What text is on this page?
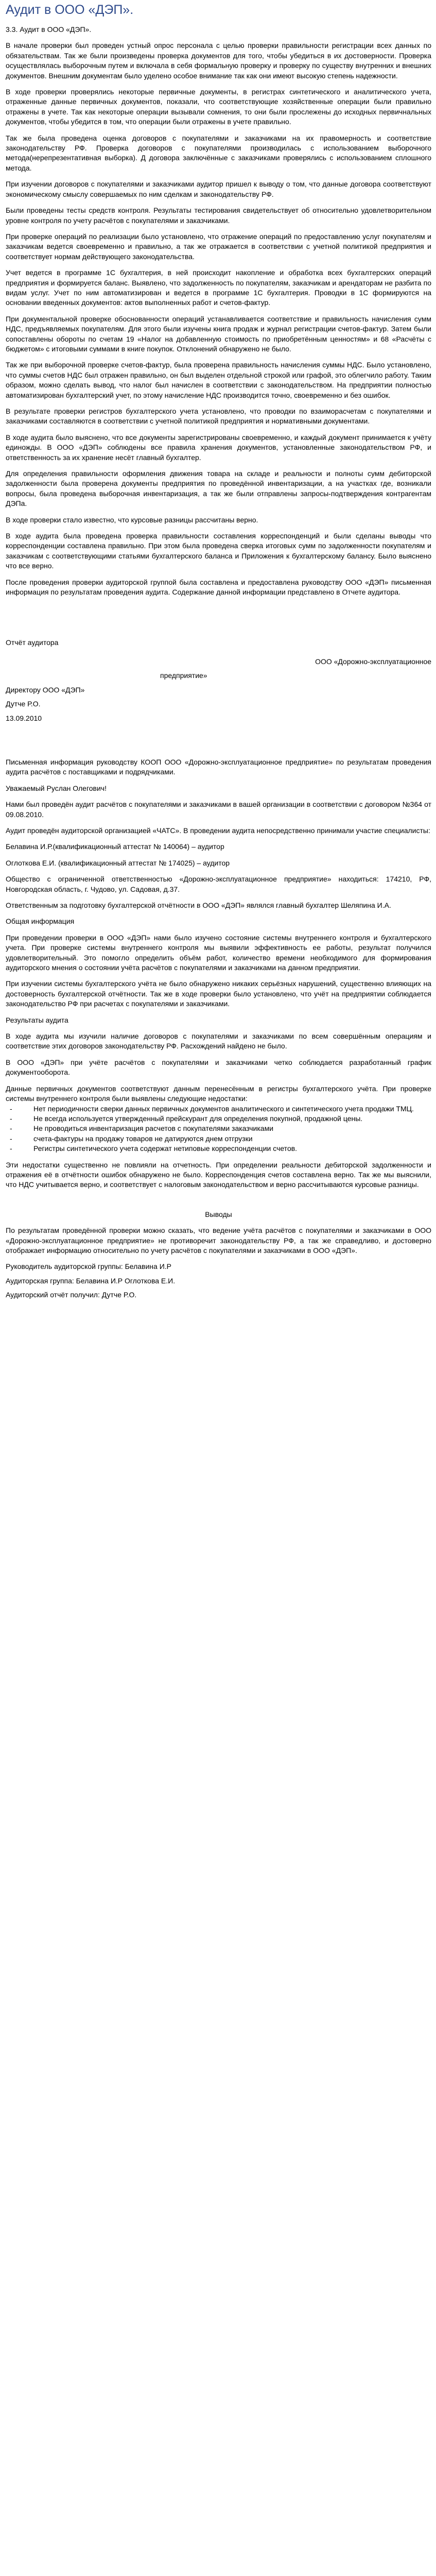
Аудит в ООО «ДЭП».

3.3. Аудит в ООО «ДЭП».

В начале проверки был проведен устный опрос персонала с целью проверки правильности регистрации всех данных по обязательствам. Так же были произведены проверка документов для того, чтобы убедиться в их достоверности. Проверка осуществлялась выборочным путем и включала в себя формальную проверку и проверку по существу внутренних и внешних документов. Внешним документам было уделено особое внимание так как они имеют высокую степень надежности.

В ходе проверки проверялись некоторые первичные документы, в регистрах синтетического и аналитического учета, отраженные данные первичных документов, показали, что соответствующие хозяйственные операции были правильно отражены в учете. Так как некоторые операции вызывали сомнения, то они были прослежены до исходных первичнальных документов, чтобы убедится в том, что операции были отражены в учете правильно.

Так же была проведена оценка договоров с покупателями и заказчиками на их правомерность и соответствие законодательству РФ. Проверка договоров с покупателями производилась с использованием выборочного метода(нерепрезентативная выборка). Д договора заключённые с заказчиками проверялись с использованием сплошного метода.

При изучении договоров с покупателями и заказчиками аудитор пришел к выводу о том, что данные договора соответствуют экономическому смыслу совершаемых по ним сделкам и законодательству РФ.

Были проведены тесты средств контроля. Результаты тестирования свидетельствует об относительно удовлетворительном уровне контроля по учету расчётов с покупателями и заказчиками.

При проверке операций по реализации было установлено, что отражение операций по предоставлению услуг покупателям и заказчикам ведется своевременно и правильно, а так же отражается в соответствии с учетной политикой предприятия и соответствует нормам действующего законодательства.

Учет ведется в программе 1С бухгалтерия, в ней происходит накопление и обработка всех бухгалтерских операций предприятия и формируется баланс. Выявлено, что задолженность по покупателям, заказчикам и арендаторам не разбита по видам услуг. Учет по ним автоматизирован и ведется в программе 1С бухгалтерия. Проводки в 1С формируются на основании введенных документов: актов выполненных работ и счетов-фактур.

При документальной проверке обоснованности операций устанавливается соответствие и правильность начисления сумм НДС, предъявляемых покупателям. Для этого были изучены книга продаж и журнал регистрации счетов-фактур. Затем были сопоставлены обороты по счетам 19 «Налог на добавленную стоимость по приобретённым ценностям» и 68 «Расчёты с бюджетом» с итоговыми суммами в книге покупок. Отклонений обнаружено не было.

Так же при выборочной проверке счетов-фактур, была проверена правильность начисления суммы НДС. Было установлено, что суммы счетов НДС был отражен правильно, он был выделен отдельной строкой или графой, это облегчило работу. Таким образом, можно сделать вывод, что налог был начислен в соответствии с законодательством. На предприятии полностью автоматизирован бухгалтерский учет, по этому начисление НДС производится точно, своевременно и без ошибок.

В результате проверки регистров бухгалтерского учета установлено, что проводки по взаиморасчетам с покупателями и заказчиками составляются в соответствии с учетной политикой предприятия и нормативными документами.

В ходе аудита было выяснено, что все документы зарегистрированы своевременно, и каждый документ принимается к учёту единожды. В ООО «ДЭП» соблюдены все правила хранения документов, установленные законодательством РФ, и ответственность за их хранение несёт главный бухгалтер.

Для определения правильности оформления движения товара на складе и реальности и полноты сумм дебиторской задолженности была проверена документы предприятия по проведённой инвентаризации, а на участках где, возникали вопросы, была проведена выборочная инвентаризация, а так же были отправлены запросы-подтверждения контрагентам ДЭПа.

В ходе проверки стало известно, что курсовые разницы рассчитаны верно.

В ходе аудита была проведена проверка правильности составления корреспонденций и были сделаны выводы что корреспонденции составлена правильно. При этом была проведена сверка итоговых сумм по задолженности покупателям и заказчикам с соответствующими статьями бухгалтерского баланса и Приложения к бухгалтерскому балансу. Было выяснено что все верно.

После проведения проверки аудиторской группой была составлена и предоставлена руководству ООО «ДЭП» письменная информация по результатам проведения аудита. Содержание данной информации представлено в Отчете аудитора.

Отчёт аудитора

ООО «Дорожно-эксплуатационное

предприятие»

Директору ООО «ДЭП»

Дутче Р.О.

13.09.2010

Письменная информация руководству КООП ООО «Дорожно-эксплуатационное предприятие» по результатам проведения аудита расчётов с поставщиками и подрядчиками.

Уважаемый Руслан Олегович!

Нами был проведён аудит расчётов с покупателями и заказчиками в вашей организации в соответствии с договором №364 от 09.08.2010.

Аудит проведён аудиторской организацией «ЧАТС». В проведении аудита непосредственно принимали участие специалисты:

Белавина И.Р.(квалификационный аттестат № 140064) – аудитор

Оглоткова Е.И. (квалификационный аттестат № 174025) – аудитор

Общество с ограниченной ответственностью «Дорожно-эксплуатационное предприятие» находиться: 174210, РФ, Новгородская область, г. Чудово, ул. Садовая, д.37.

Ответственным за подготовку бухгалтерской отчётности в ООО «ДЭП» являлся главный бухгалтер Шеляпина И.А.

Общая информация

При проведении проверки в ООО «ДЭП» нами было изучено состояние системы внутреннего контроля и бухгалтерского учета. При проверке системы внутреннего контроля мы выявили эффективность ее работы, результат получился удовлетворительный. Это помогло определить объём работ, количество времени необходимого для формирования аудиторского мнения о состоянии учёта расчётов с покупателями и заказчиками на данном предприятии.

При изучении системы бухгалтерского учёта не было обнаружено никаких серьёзных нарушений, существенно влияющих на достоверность бухгалтерской отчётности. Так же в ходе проверки было установлено, что учёт на предприятии соблюдается законодательство РФ при расчетах с покупателями и заказчиками.

Результаты аудита

В ходе аудита мы изучили наличие договоров с покупателями и заказчиками по всем совершённым операциям и соответствие этих договоров законодательству РФ. Расхождений найдено не было.

В ООО «ДЭП» при учёте расчётов с покупателями и заказчиками четко соблюдается разработанный график документооборота.

Данные первичных документов соответствуют данным перенесённым в регистры бухгалтерского учёта. При проверке системы внутреннего контроля были выявлены следующие недостатки:

-	Нет периодичности сверки данных первичных документов аналитического и синтетического учета продажи ТМЦ.
-	Не всегда используется утвержденный прейскурант для определения покупной, продажной цены.
-	Не проводиться инвентаризация расчетов с покупателями заказчиками
-	счета-фактуры на продажу товаров не датируются днем отгрузки
-	Регистры синтетического учета содержат нетиповые корреспонденции счетов.

Эти недостатки существенно не повлияли на отчетность. При определении реальности дебиторской задолженности и отражения её в отчётности ошибок обнаружено не было. Корреспонденция счетов составлена верно. Так же мы выяснили, что НДС учитывается верно, и соответствует с налоговым законодательством и верно рассчитываются курсовые разницы.

Выводы

По результатам проведённой проверки можно сказать, что ведение учёта расчётов с покупателями и заказчиками в ООО «Дорожно-эксплуатационное предприятие» не противоречит законодательству РФ, а так же справедливо, и достоверно отображает информацию относительно по учету расчётов с покупателями и заказчиками в ООО «ДЭП».

Руководитель аудиторской группы: Белавина И.Р

Аудиторская группа: Белавина И.Р Оглоткова Е.И.

Аудиторский отчёт получил: Дутче Р.О.
